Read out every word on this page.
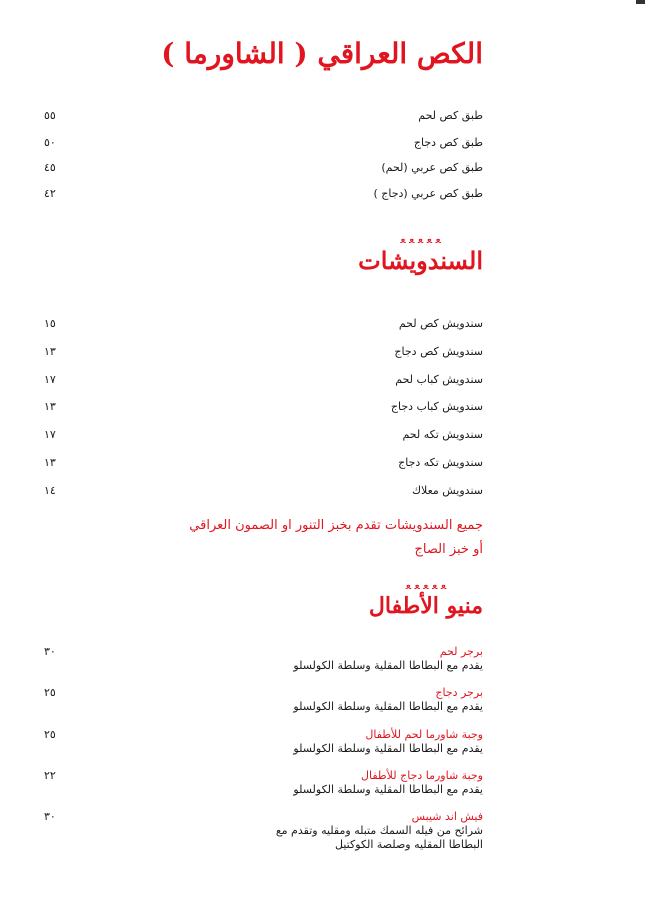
الكص العراقي ( الشاورما )
طبق كص لحم
٥٥
طبق كص دجاج
٥٠
طبق كص عربي (لحم)
٤٥
طبق كص عربي (دجاج )
٤٢
ﻌ ﻌ ﻌ ﻌ ﻌ
السندويشات
سندويش كص لحم
١٥
سندويش كص دجاج
١٣
سندويش كباب لحم
١٧
سندويش كباب دجاج
١٣
سندويش تكه لحم
١٧
سندويش تكه دجاج
١٣
سندويش معلاك
١٤
جميع السندويشات تقدم بخبز التنور او الصمون العراقي
أو خبز الصاج
ﻌ ﻌ ﻌ ﻌ ﻌ
منيو الأطفال
برجر لحم
يقدم مع البطاطا المقلية وسلطة الكولسلو
٣٠
برجر دجاج
يقدم مع البطاطا المقلية وسلطة الكولسلو
٢٥
وجبة شاورما لحم للأطفال
يقدم مع البطاطا المقلية وسلطة الكولسلو
٢٥
وجبة شاورما دجاج للأطفال
يقدم مع البطاطا المقلية وسلطة الكولسلو
٢٢
فيش اند شيبس
شرائح من فيله السمك متبله ومقليه وتقدم مع
البطاطا المقليه وصلصة الكوكتيل
٣٠
